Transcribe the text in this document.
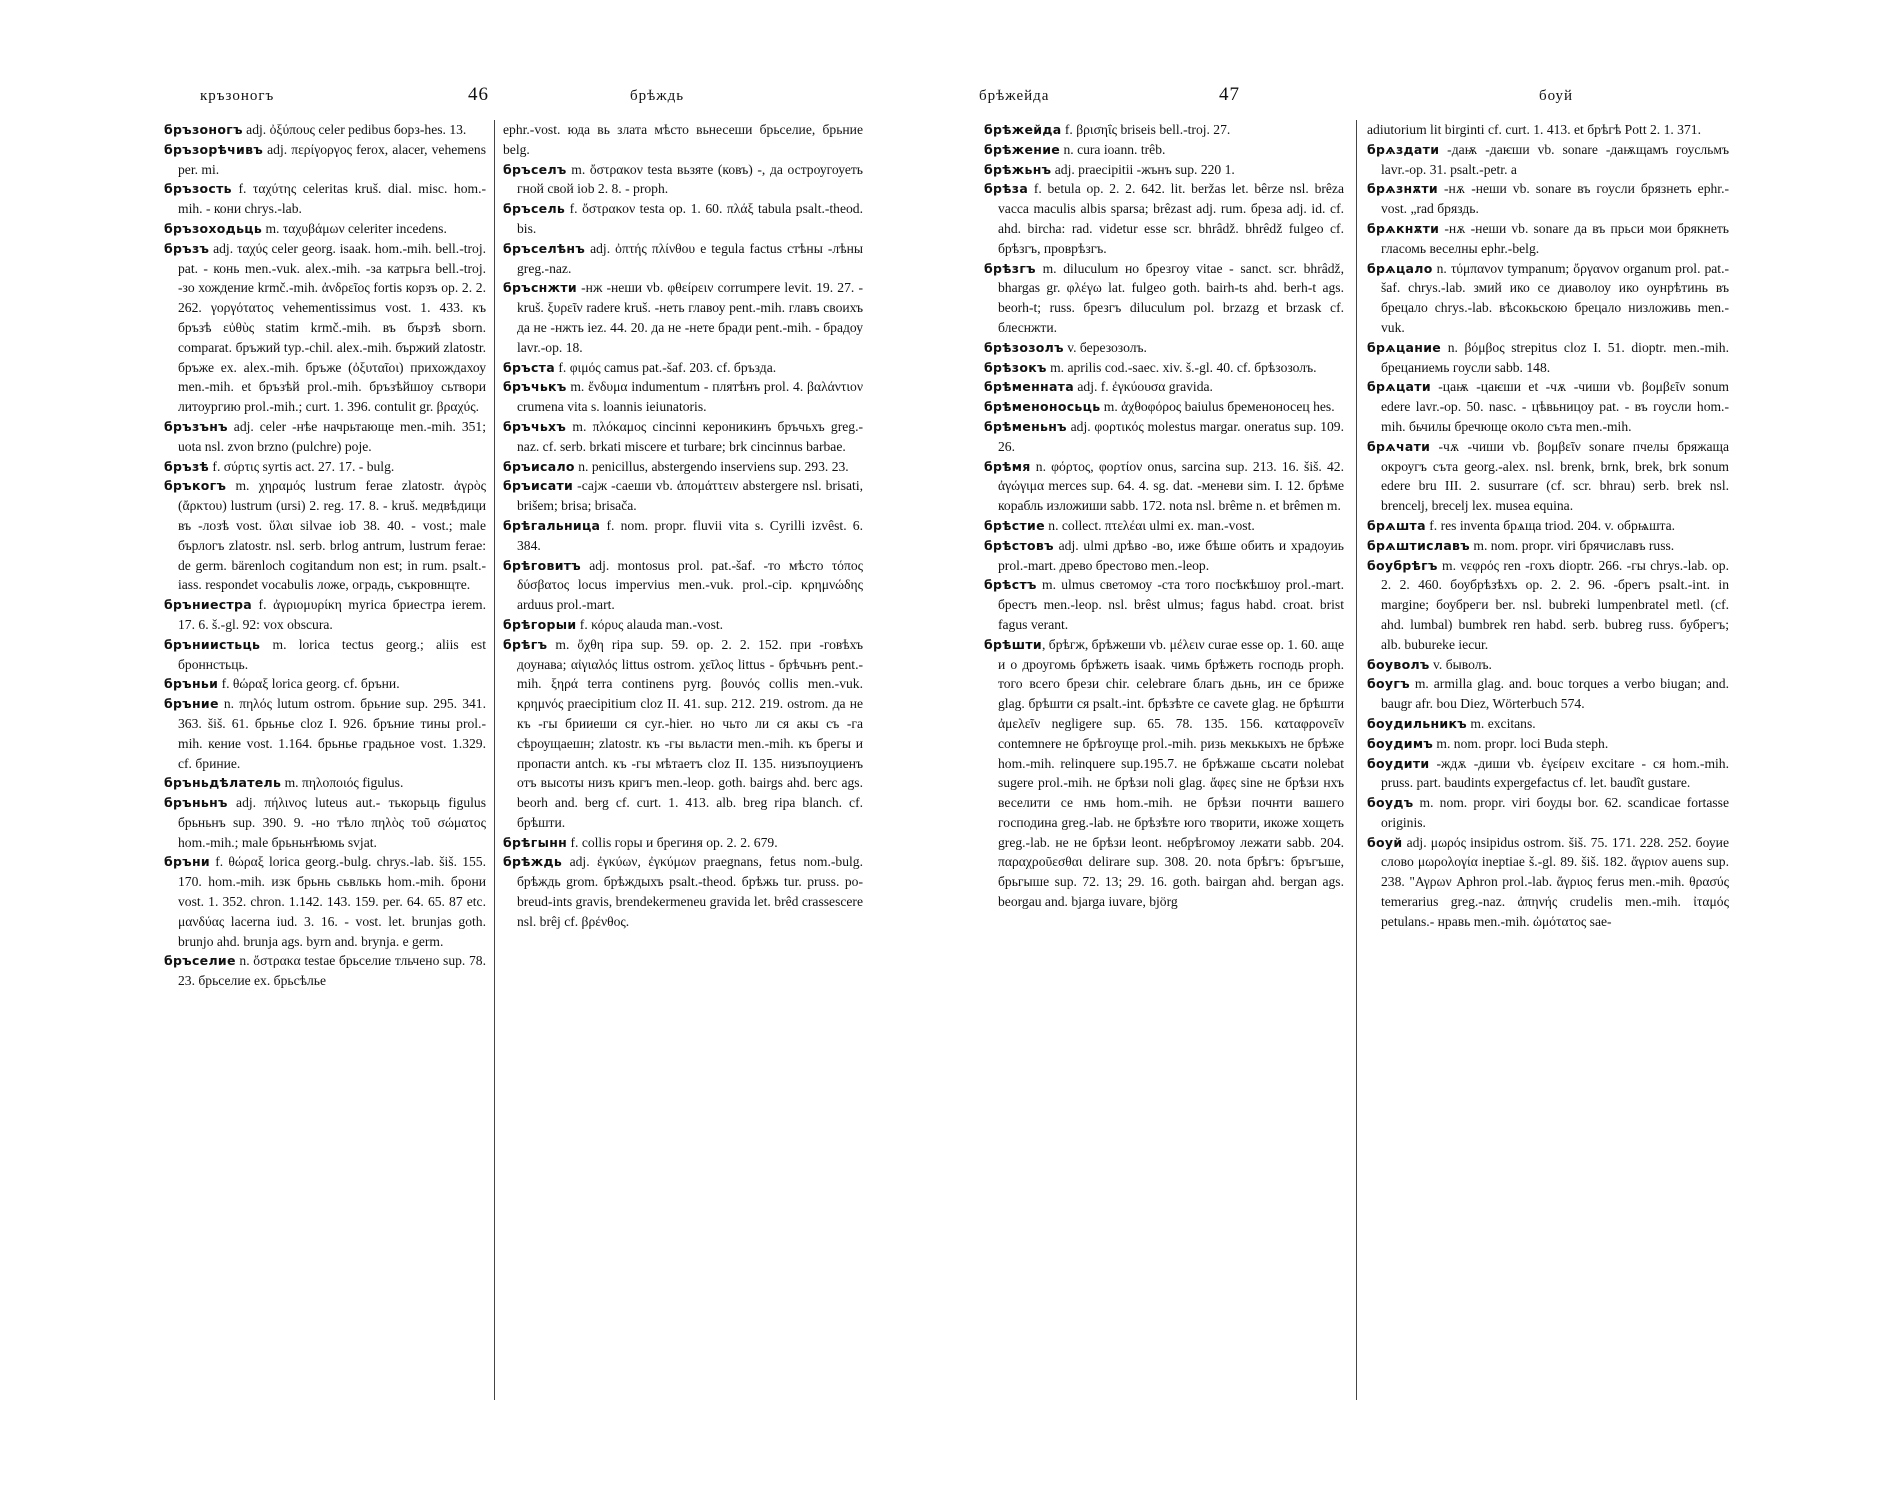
кръзоногъ	46	брѣждь

бръзоногъ adj. ὀξύπους celer pedibus борз-hes. 13.

бръзорѣчивъ adj. περίγοργος ferox, alacer, vehemens per. mi.

бръзость f. ταχύτης celeritas kruš. dial. misc. hom.-mih. - кони chrys.-lab.

бръзоходьць m. ταχυβάμων celeriter incedens.

бръзъ adj. ταχύς celer georg. isaak. hom.-mih. bell.-troj. pat. - конь men.-vuk. alex.-mih. -за катрьга bell.-troj. -зо хождение krmč.-mih. ἀνδρεῖος fortis корзъ op. 2. 2. 262. γοργότατος vehementissimus vost. 1. 433. къ бръзѣ εὐθὺς statim krmč.-mih. въ бързѣ sborn. comparat. бръжий typ.-chil. alex.-mih. бържий zlatostr. бръже ex. alex.-mih. бръже (ὀξυταῖοι) прихождахоу men.-mih. et бръзѣй prol.-mih. бръзѣйшоу сьтвори литоургию prol.-mih.; curt. 1. 396. contulit gr. βραχύς.

бръзънъ adj. celer -нѣе начрьтающе men.-mih. 351; uota nsl. zvon brzno (pulchre) poje.

бръзѣ f. σύρτις syrtis act. 27. 17. - bulg.

бръкогъ m. χηραμός lustrum ferae zlatostr. ἀγρὸς (ἄρκτου) lustrum (ursi) 2. reg. 17. 8. - kruš. медвѣдици въ -лозѣ vost. ὕλαι silvae iob 38. 40. - vost.; male бърлогъ zlatostr. nsl. serb. brlog antrum, lustrum ferae: de germ. bärenloch cogitandum non est; in rum. psalt.-iass. respondet vocabulis ложе, оградь, съкровнщте.

бръниестра f. ἀγριομυρίκη myrica бриестра ierem. 17. 6. š.-gl. 92: vox obscura.

бръниистьць m. lorica tectus georg.; aliis est броннстьць.

бръньи f. θώραξ lorica georg. cf. бръни.

бръние n. πηλός lutum ostrom. брьние sup. 295. 341. 363. šiš. 61. брьнье cloz I. 926. бръние тины prol.-mih. кение vost. 1.164. брьнье градьное vost. 1.329. cf. бриние.

бръньдѣлатель m. πηλοποιός figulus.

бръньнъ adj. πήλινος luteus aut.- тькорьць figulus брьньнъ sup. 390. 9. -но тѣло πηλὸς τοῦ σώματος hom.-mih.; male брьньнѣюмь svjat.

бръни f. θώραξ lorica georg.-bulg. chrys.-lab. šiš. 155. 170. hom.-mih. изк брьнь сьвлькь hom.-mih. брони vost. 1. 352. chron. 1.142. 143. 159. per. 64. 65. 87 etc. μανδύας lacerna iud. 3. 16. - vost. let. brunjas goth. brunjo ahd. brunja ags. byrn and. brynja. e germ.

бръселие n. ὄστρακα testae брьселие тльчено sup. 78. 23. брьселие ex. брьсѣлье

ephr.-vost. юда вь злата мѣсто вьнесеши брьселие, брьние belg.

бръселъ m. ὄστρακον testa вьзяте (ковъ) -, да остроугоуеть гной свой iob 2. 8. - proph.

бръсель f. ὄστρακον testa op. 1. 60. πλάξ tabula psalt.-theod. bis.

бръселѣнъ adj. ὀπτής πλίνθου e tegula factus стѣны -лѣны greg.-naz.

бръснжти -нж -неши vb. φθείρειν corrumpere levit. 19. 27. - kruš. ξυρεῖν radere kruš. -неть главоу pent.-mih. главъ своихъ да не -нжть iez. 44. 20. да не -нете бради pent.-mih. - брадоу lavr.-op. 18.

бръста f. φιμός camus pat.-šaf. 203. cf. бръзда.

бръчькъ m. ἔνδυμα indumentum - плятѣнъ prol. 4. βαλάντιον crumena vita s. loannis ieiunatoris.

бръчьхъ m. πλόκαμος cincinni кероникинъ бръчьхъ greg.-naz. cf. serb. brkati miscere et turbare; brk cincinnus barbae.

бръисало n. penicillus, abstergendo inserviens sup. 293. 23.

бръисати -сајж -саеши vb. ἀπομάττειν abstergere nsl. brisati, brišem; brisa; brisača.

брѣгальница f. nom. propr. fluvii vita s. Cyrilli izvêst. 6. 384.

брѣговитъ adj. montosus prol. pat.-šaf. -то мѣсто τόπος δύσβατος locus impervius men.-vuk. prol.-cip. κρημνώδης arduus prol.-mart.

брѣгорыи f. κόρυς alauda man.-vost.

брѣгъ m. ὄχθη ripa sup. 59. op. 2. 2. 152. при -говѣхъ доунава; αἰγιαλός littus ostrom. χεῖλος littus - брѣчьнъ pent.-mih. ξηρά terra continens pyrg. βουνός collis men.-vuk. κρημνός praecipitium cloz II. 41. sup. 212. 219. ostrom. да не къ -гы брииеши ся cyr.-hier. но чьто ли ся акы съ -га сѣроущаешн; zlatostr. къ -гы вьласти men.-mih. къ брегы и пропасти antch. къ -гы мѣтаетъ cloz II. 135. низъпоуциенъ отъ высоты низъ кригъ men.-leop. goth. bairgs ahd. berc ags. beorh and. berg cf. curt. 1. 413. alb. breg ripa blanch. cf. брѣшти.

брѣгынн f. collis горы и брегиня op. 2. 2. 679.

брѣждь adj. ἐγκύων, ἐγκύμων praegnans, fetus nom.-bulg. брѣждь grom. брѣждыхъ psalt.-theod. брѣжь tur. pruss. po-breud-ints gravis, brendekermeneu gravida let. brêd crassescere nsl. brêj cf. βρένθος.

брѣжейда	47	боуй

брѣжейда f. βρισηΐς briseis bell.-troj. 27.

брѣжение n. cura ioann. trêb.

брѣжьнъ adj. praecipitii -жънъ sup. 220 1.

брѣза f. betula op. 2. 2. 642. lit. beržas let. bêrze nsl. brêza vacca maculis albis sparsa; brêzast adj. rum. бреза adj. id. cf. ahd. bircha: rad. videtur esse scr. bhrâdž. bhrêdž fulgeo cf. брѣзгъ, проврѣзгъ.

брѣзгъ m. diluculum но брезгоу vitae - sanct. scr. bhrâdž, bhargas gr. φλέγω lat. fulgeo goth. bairh-ts ahd. berh-t ags. beorh-t; russ. брезгъ diluculum pol. brzazg et brzask cf. блеснжти.

брѣзозолъ v. березозолъ.

брѣзокъ m. aprilis cod.-saec. xiv. š.-gl. 40. cf. брѣзозолъ.

брѣменната adj. f. ἐγκύουσα gravida.

брѣменоносьць m. ἀχθοφόρος baiulus бременоносец hes.

брѣменьнъ adj. φορτικός molestus margar. oneratus sup. 109. 26.

брѣмя n. φόρτος, φορτίον onus, sarcina sup. 213. 16. šiš. 42. ἀγώγιμα merces sup. 64. 4. sg. dat. -меневи sim. I. 12. брѣме корабль изложиши sabb. 172. nota nsl. brême n. et brêmen m.

брѣстие n. collect. πτελέαι ulmi ex. man.-vost.

брѣстовъ adj. ulmi дрѣво -во, иже бѣше обить и храдоуиь prol.-mart. древо брестово men.-leop.

брѣстъ m. ulmus светомоу -ста того посѣкѣшоу prol.-mart. брестъ men.-leop. nsl. brêst ulmus; fagus habd. croat. brist fagus verant.

брѣшти, брѣгж, брѣжеши vb. μέλειν curae esse op. 1. 60. аще и о дроугомь брѣжеть isaak. чимь брѣжеть господь proph. того всего брези chir. celebrare благь дьнь, ин се бриже glag. брѣшти ся psalt.-int. брѣзѣте се cavete glag. не брѣшти ἀμελεῖν negligere sup. 65. 78. 135. 156. καταφρονεῖν contemnere не брѣгоуще prol.-mih. ризь мекькыхъ не брѣже hom.-mih. relinquere sup.195.7. не брѣжаше сьсати nolebat sugere prol.-mih. не брѣзи noli glag. ἄφες sine не брѣзи нхъ веселити се нмь hom.-mih. не брѣзи почнти вашего господина greg.-lab. не брѣзѣте юго творити, икоже хощеть greg.-lab. не не брѣзи leont. небрѣгомоу лежати sabb. 204. παραχροῦεσθαι delirare sup. 308. 20. nota брѣгъ: бръгъше, брьгыше sup. 72. 13; 29. 16. goth. bairgan ahd. bergan ags. beorgau and. bjarga iuvare, björg

adiutorium lit birginti cf. curt. 1. 413. et брѣгѣ Pott 2. 1. 371.

брѧздати -даѭ -даѥши vb. sonare -даѭщамъ гоусльмъ lavr.-op. 31. psalt.-petr. a

брѧзнѫти -нѫ -неши vb. sonare въ гоусли брязнеть ephr.-vost. „rad бряздь.

брѧкнѫти -нѫ -неши vb. sonare да въ прьси мои брякнеть гласомь веселны ephr.-belg.

брѧцало n. τύμπανον tympanum; ὄργανον organum prol. pat.-šaf. chrys.-lab. змий ико се диаволоу ико оунрѣтинь въ брецало chrys.-lab. вѣсокьскою брецало низложивь men.-vuk.

брѧцание n. βόμβος strepitus cloz I. 51. dioptr. men.-mih. брецаниемь гоусли sabb. 148.

брѧцати -цаѭ -цаѥши et -чѫ -чиши vb. βομβεῖν sonum edere lavr.-op. 50. nasc. - цѣвьницоу pat. - въ гоусли hom.-mih. бьчилы бречюще около съта men.-mih.

брѧчати -чѫ -чиши vb. βομβεῖν sonare пчелы бряжаща окроугъ съта georg.-alex. nsl. brenk, brnk, brek, brk sonum edere bru III. 2. susurrare (cf. scr. bhrau) serb. brek nsl. brencelj, brecelj lex. musea equina.

брѧшта f. res inventa брѧща triod. 204. v. обрѩшта.

брѧштиславъ m. nom. propr. viri брячиславъ russ.

боубрѣгъ m. νεφρός ren -гохъ dioptr. 266. -гы chrys.-lab. op. 2. 2. 460. боубрѣзѣхъ op. 2. 2. 96. -брегъ psalt.-int. in margine; боубреги ber. nsl. bubreki lumpenbratel metl. (cf. ahd. lumbal) bumbrek ren habd. serb. bubreg russ. бубрегъ; alb. bubureke iecur.

боуволъ v. быволъ.

боугъ m. armilla glag. and. bouc torques a verbo biugan; and. baugr afr. bou Diez, Wörterbuch 574.

боудильникъ m. excitans.

боудимъ m. nom. propr. loci Buda steph.

боудити -ждѫ -диши vb. ἐγείρειν excitare - ся hom.-mih. pruss. part. baudints expergefactus cf. let. baudît gustare.

боудъ m. nom. propr. viri боуды bor. 62. scandicae fortasse originis.

боуй adj. μωρός insipidus ostrom. šiš. 75. 171. 228. 252. боуие слово μωρολογία ineptiae š.-gl. 89. šiš. 182. ἄγριον auens sup. 238. "Αγρων Aphron prol.-lab. ἄγριος ferus men.-mih. θρασύς temerarius greg.-naz. ἀπηνής crudelis men.-mih. ἰταμός petulans.- нравь men.-mih. ὠμότατος sae-
